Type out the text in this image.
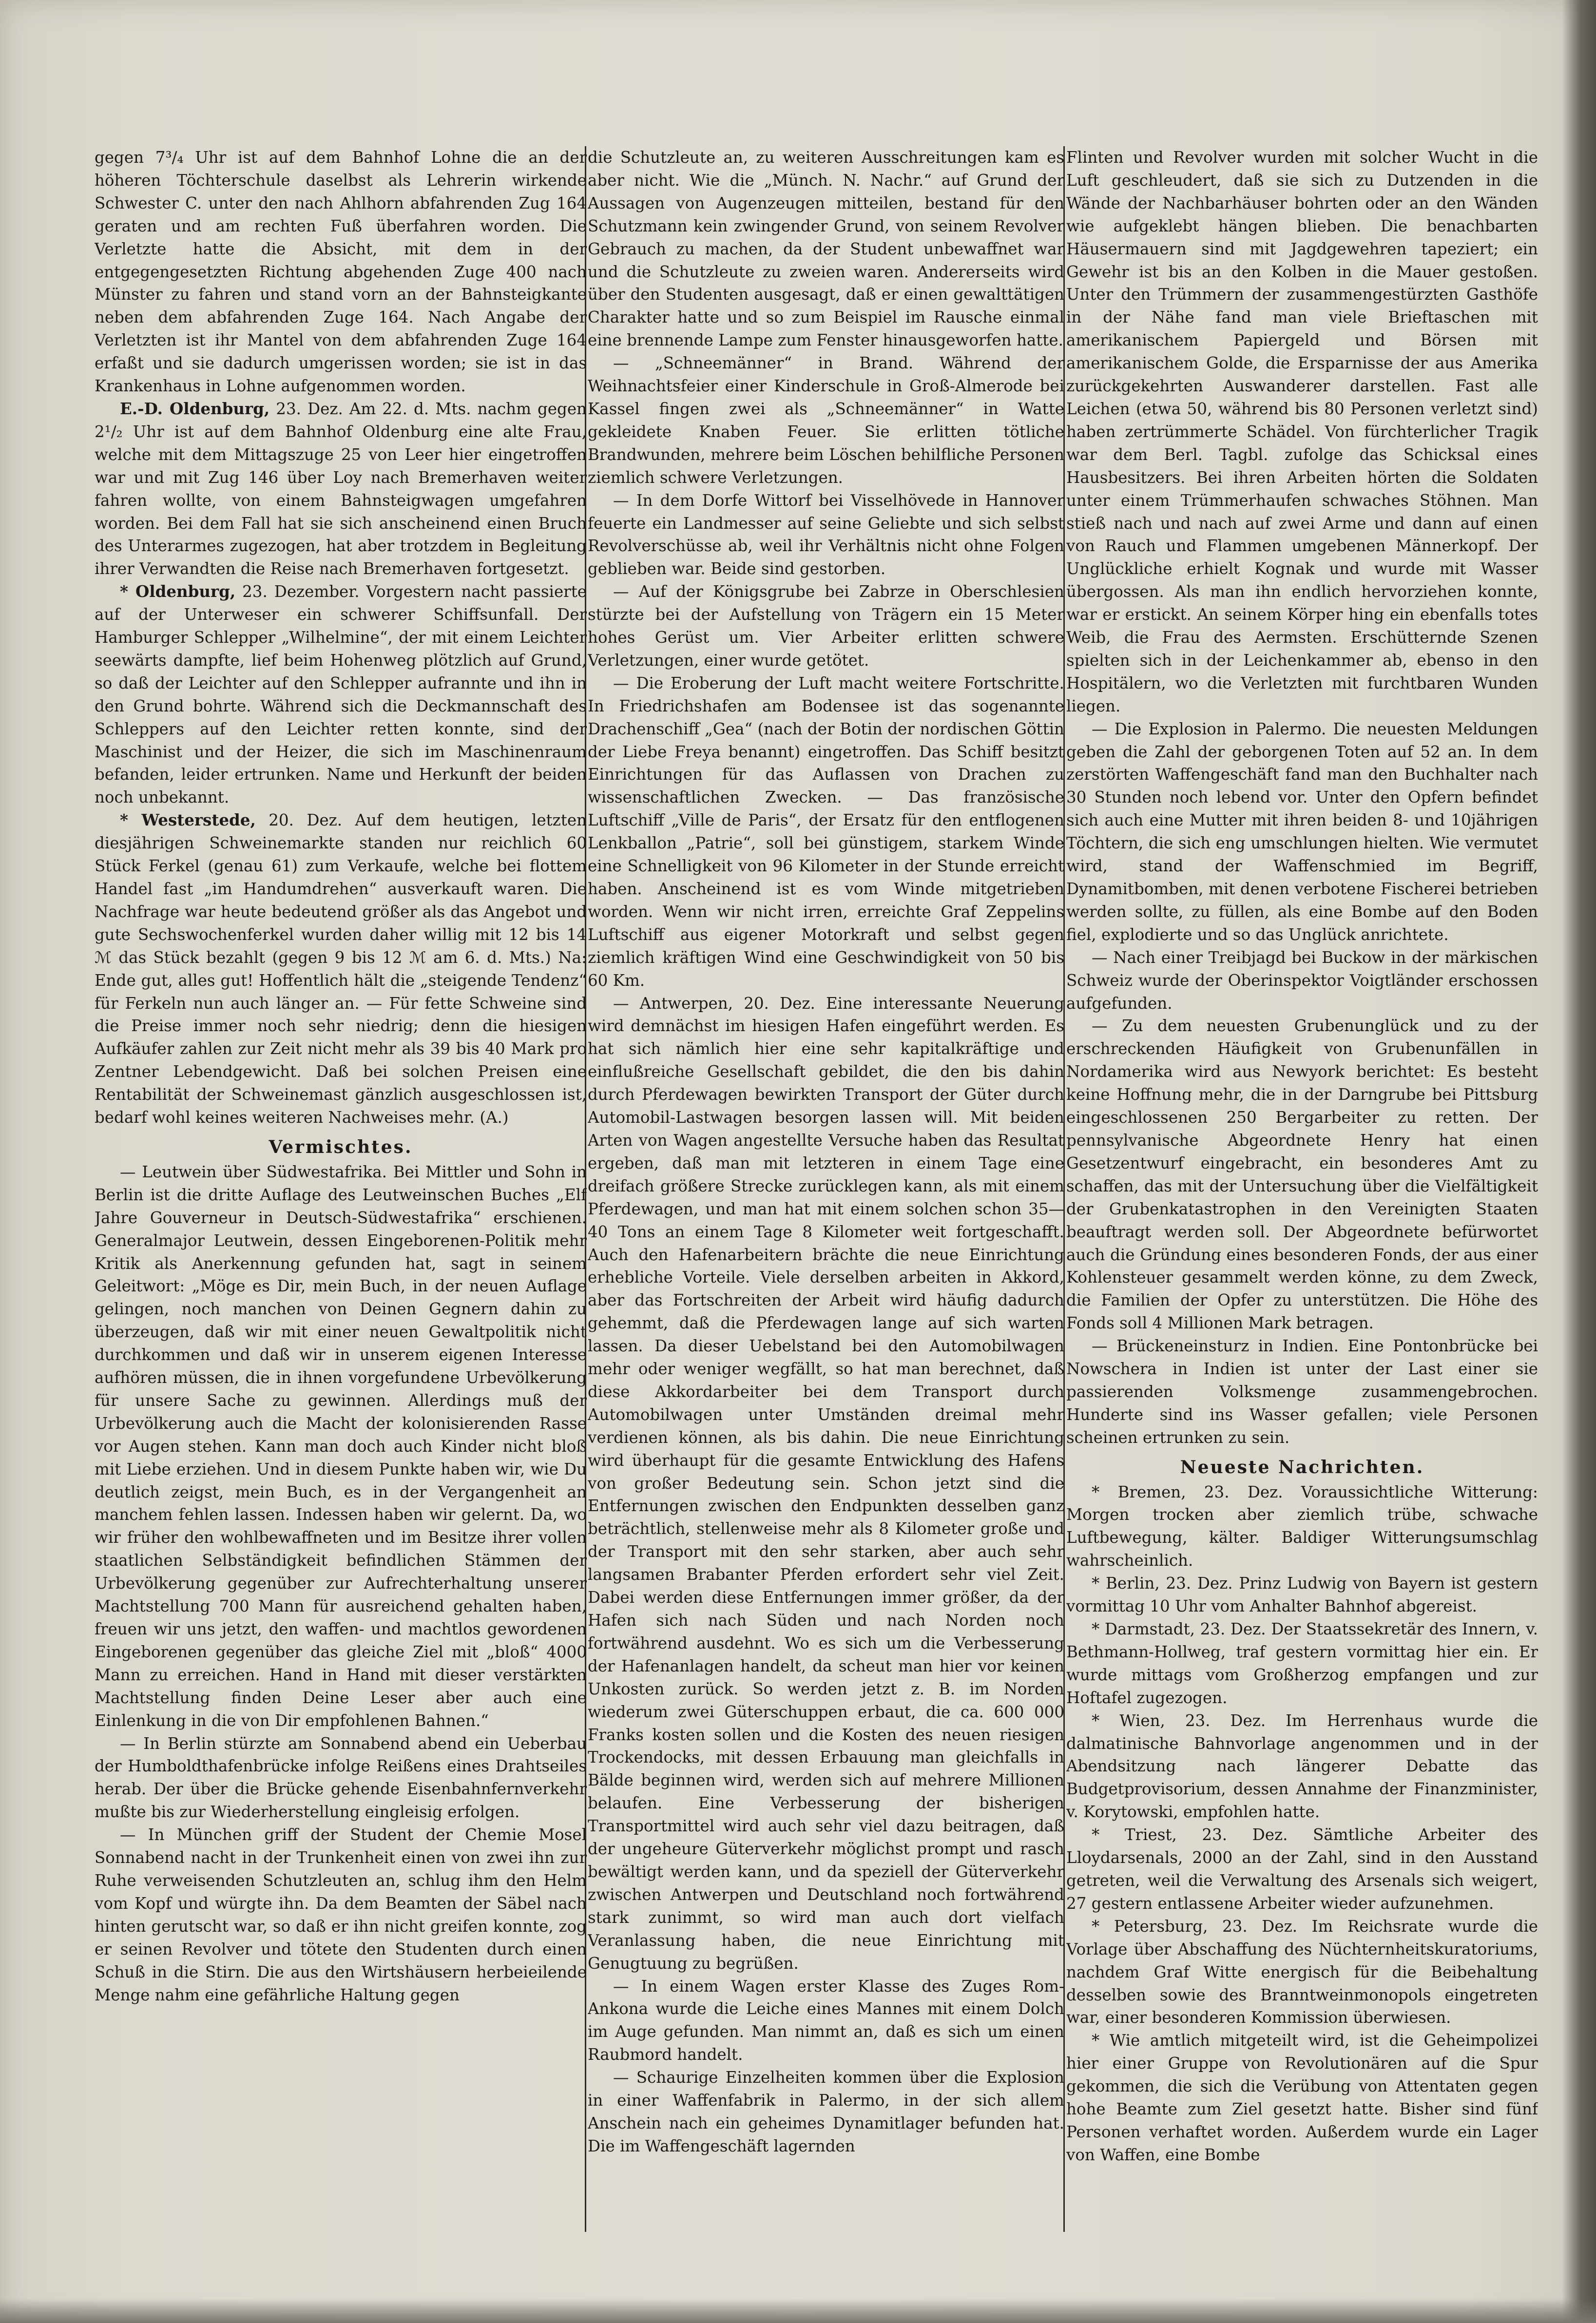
gegen 7³/₄ Uhr ist auf dem Bahnhof Lohne die an der höheren Töchterschule daselbst als Lehrerin wirkende Schwester C. unter den nach Ahlhorn abfahrenden Zug 164 geraten und am rechten Fuß überfahren worden. Die Verletzte hatte die Absicht, mit dem in der entgegengesetzten Richtung abgehenden Zuge 400 nach Münster zu fahren und stand vorn an der Bahnsteigkante neben dem abfahrenden Zuge 164. Nach Angabe der Verletzten ist ihr Mantel von dem abfahrenden Zuge 164 erfaßt und sie dadurch umgerissen worden; sie ist in das Krankenhaus in Lohne aufgenommen worden.

E.-D. Oldenburg, 23. Dez. Am 22. d. Mts. nachm gegen 2¹/₂ Uhr ist auf dem Bahnhof Oldenburg eine alte Frau, welche mit dem Mittagszuge 25 von Leer hier eingetroffen war und mit Zug 146 über Loy nach Bremerhaven weiter fahren wollte, von einem Bahnsteigwagen umgefahren worden. Bei dem Fall hat sie sich anscheinend einen Bruch des Unterarmes zugezogen, hat aber trotzdem in Begleitung ihrer Verwandten die Reise nach Bremerhaven fortgesetzt.

* Oldenburg, 23. Dezember. Vorgestern nacht passierte auf der Unterweser ein schwerer Schiffsunfall. Der Hamburger Schlepper „Wilhelmine“, der mit einem Leichter seewärts dampfte, lief beim Hohenweg plötzlich auf Grund, so daß der Leichter auf den Schlepper aufrannte und ihn in den Grund bohrte. Während sich die Deckmannschaft des Schleppers auf den Leichter retten konnte, sind der Maschinist und der Heizer, die sich im Maschinenraum befanden, leider ertrunken. Name und Herkunft der beiden noch unbekannt.

* Westerstede, 20. Dez. Auf dem heutigen, letzten diesjährigen Schweinemarkte standen nur reichlich 60 Stück Ferkel (genau 61) zum Verkaufe, welche bei flottem Handel fast „im Handumdrehen“ ausverkauft waren. Die Nachfrage war heute bedeutend größer als das Angebot und gute Sechswochenferkel wurden daher willig mit 12 bis 14 ℳ das Stück bezahlt (gegen 9 bis 12 ℳ am 6. d. Mts.) Na: Ende gut, alles gut! Hoffentlich hält die „steigende Tendenz“ für Ferkeln nun auch länger an. — Für fette Schweine sind die Preise immer noch sehr niedrig; denn die hiesigen Aufkäufer zahlen zur Zeit nicht mehr als 39 bis 40 Mark pro Zentner Lebendgewicht. Daß bei solchen Preisen eine Rentabilität der Schweinemast gänzlich ausgeschlossen ist, bedarf wohl keines weiteren Nachweises mehr. (A.)

Vermischtes.

— Leutwein über Südwestafrika. Bei Mittler und Sohn in Berlin ist die dritte Auflage des Leutweinschen Buches „Elf Jahre Gouverneur in Deutsch-Südwestafrika“ erschienen. Generalmajor Leutwein, dessen Eingeborenen-Politik mehr Kritik als Anerkennung gefunden hat, sagt in seinem Geleitwort: „Möge es Dir, mein Buch, in der neuen Auflage gelingen, noch manchen von Deinen Gegnern dahin zu überzeugen, daß wir mit einer neuen Gewaltpolitik nicht durchkommen und daß wir in unserem eigenen Interesse aufhören müssen, die in ihnen vorgefundene Urbevölkerung für unsere Sache zu gewinnen. Allerdings muß der Urbevölkerung auch die Macht der kolonisierenden Rasse vor Augen stehen. Kann man doch auch Kinder nicht bloß mit Liebe erziehen. Und in diesem Punkte haben wir, wie Du deutlich zeigst, mein Buch, es in der Vergangenheit an manchem fehlen lassen. Indessen haben wir gelernt. Da, wo wir früher den wohlbewaffneten und im Besitze ihrer vollen staatlichen Selbständigkeit befindlichen Stämmen der Urbevölkerung gegenüber zur Aufrechterhaltung unserer Machtstellung 700 Mann für ausreichend gehalten haben, freuen wir uns jetzt, den waffen- und machtlos gewordenen Eingeborenen gegenüber das gleiche Ziel mit „bloß“ 4000 Mann zu erreichen. Hand in Hand mit dieser verstärkten Machtstellung finden Deine Leser aber auch eine Einlenkung in die von Dir empfohlenen Bahnen.“

— In Berlin stürzte am Sonnabend abend ein Ueberbau der Humboldthafenbrücke infolge Reißens eines Drahtseiles herab. Der über die Brücke gehende Eisenbahnfernverkehr mußte bis zur Wiederherstellung eingleisig erfolgen.

— In München griff der Student der Chemie Mosel Sonnabend nacht in der Trunkenheit einen von zwei ihn zur Ruhe verweisenden Schutzleuten an, schlug ihm den Helm vom Kopf und würgte ihn. Da dem Beamten der Säbel nach hinten gerutscht war, so daß er ihn nicht greifen konnte, zog er seinen Revolver und tötete den Studenten durch einen Schuß in die Stirn. Die aus den Wirtshäusern herbeieilende Menge nahm eine gefährliche Haltung gegen

die Schutzleute an, zu weiteren Ausschreitungen kam es aber nicht. Wie die „Münch. N. Nachr.“ auf Grund der Aussagen von Augenzeugen mitteilen, bestand für den Schutzmann kein zwingender Grund, von seinem Revolver Gebrauch zu machen, da der Student unbewaffnet war und die Schutzleute zu zweien waren. Andererseits wird über den Studenten ausgesagt, daß er einen gewalttätigen Charakter hatte und so zum Beispiel im Rausche einmal eine brennende Lampe zum Fenster hinausgeworfen hatte.

— „Schneemänner“ in Brand. Während der Weihnachtsfeier einer Kinderschule in Groß-Almerode bei Kassel fingen zwei als „Schneemänner“ in Watte gekleidete Knaben Feuer. Sie erlitten tötliche Brandwunden, mehrere beim Löschen behilfliche Personen ziemlich schwere Verletzungen.

— In dem Dorfe Wittorf bei Visselhövede in Hannover feuerte ein Landmesser auf seine Geliebte und sich selbst Revolverschüsse ab, weil ihr Verhältnis nicht ohne Folgen geblieben war. Beide sind gestorben.

— Auf der Königsgrube bei Zabrze in Oberschlesien stürzte bei der Aufstellung von Trägern ein 15 Meter hohes Gerüst um. Vier Arbeiter erlitten schwere Verletzungen, einer wurde getötet.

— Die Eroberung der Luft macht weitere Fortschritte. In Friedrichshafen am Bodensee ist das sogenannte Drachenschiff „Gea“ (nach der Botin der nordischen Göttin der Liebe Freya benannt) eingetroffen. Das Schiff besitzt Einrichtungen für das Auflassen von Drachen zu wissenschaftlichen Zwecken. — Das französische Luftschiff „Ville de Paris“, der Ersatz für den entflogenen Lenkballon „Patrie“, soll bei günstigem, starkem Winde eine Schnelligkeit von 96 Kilometer in der Stunde erreicht haben. Anscheinend ist es vom Winde mitgetrieben worden. Wenn wir nicht irren, erreichte Graf Zeppelins Luftschiff aus eigener Motorkraft und selbst gegen ziemlich kräftigen Wind eine Geschwindigkeit von 50 bis 60 Km.

— Antwerpen, 20. Dez. Eine interessante Neuerung wird demnächst im hiesigen Hafen eingeführt werden. Es hat sich nämlich hier eine sehr kapitalkräftige und einflußreiche Gesellschaft gebildet, die den bis dahin durch Pferdewagen bewirkten Transport der Güter durch Automobil-Lastwagen besorgen lassen will. Mit beiden Arten von Wagen angestellte Versuche haben das Resultat ergeben, daß man mit letzteren in einem Tage eine dreifach größere Strecke zurücklegen kann, als mit einem Pferdewagen, und man hat mit einem solchen schon 35—40 Tons an einem Tage 8 Kilometer weit fortgeschafft. Auch den Hafenarbeitern brächte die neue Einrichtung erhebliche Vorteile. Viele derselben arbeiten in Akkord, aber das Fortschreiten der Arbeit wird häufig dadurch gehemmt, daß die Pferdewagen lange auf sich warten lassen. Da dieser Uebelstand bei den Automobilwagen mehr oder weniger wegfällt, so hat man berechnet, daß diese Akkordarbeiter bei dem Transport durch Automobilwagen unter Umständen dreimal mehr verdienen können, als bis dahin. Die neue Einrichtung wird überhaupt für die gesamte Entwicklung des Hafens von großer Bedeutung sein. Schon jetzt sind die Entfernungen zwischen den Endpunkten desselben ganz beträchtlich, stellenweise mehr als 8 Kilometer große und der Transport mit den sehr starken, aber auch sehr langsamen Brabanter Pferden erfordert sehr viel Zeit. Dabei werden diese Entfernungen immer größer, da der Hafen sich nach Süden und nach Norden noch fortwährend ausdehnt. Wo es sich um die Verbesserung der Hafenanlagen handelt, da scheut man hier vor keinen Unkosten zurück. So werden jetzt z. B. im Norden wiederum zwei Güterschuppen erbaut, die ca. 600 000 Franks kosten sollen und die Kosten des neuen riesigen Trockendocks, mit dessen Erbauung man gleichfalls in Bälde beginnen wird, werden sich auf mehrere Millionen belaufen. Eine Verbesserung der bisherigen Transportmittel wird auch sehr viel dazu beitragen, daß der ungeheure Güterverkehr möglichst prompt und rasch bewältigt werden kann, und da speziell der Güterverkehr zwischen Antwerpen und Deutschland noch fortwährend stark zunimmt, so wird man auch dort vielfach Veranlassung haben, die neue Einrichtung mit Genugtuung zu begrüßen.

— In einem Wagen erster Klasse des Zuges Rom-Ankona wurde die Leiche eines Mannes mit einem Dolch im Auge gefunden. Man nimmt an, daß es sich um einen Raubmord handelt.

— Schaurige Einzelheiten kommen über die Explosion in einer Waffenfabrik in Palermo, in der sich allem Anschein nach ein geheimes Dynamitlager befunden hat. Die im Waffengeschäft lagernden

Flinten und Revolver wurden mit solcher Wucht in die Luft geschleudert, daß sie sich zu Dutzenden in die Wände der Nachbarhäuser bohrten oder an den Wänden wie aufgeklebt hängen blieben. Die benachbarten Häusermauern sind mit Jagdgewehren tapeziert; ein Gewehr ist bis an den Kolben in die Mauer gestoßen. Unter den Trümmern der zusammengestürzten Gasthöfe in der Nähe fand man viele Brieftaschen mit amerikanischem Papiergeld und Börsen mit amerikanischem Golde, die Ersparnisse der aus Amerika zurückgekehrten Auswanderer darstellen. Fast alle Leichen (etwa 50, während bis 80 Personen verletzt sind) haben zertrümmerte Schädel. Von fürchterlicher Tragik war dem Berl. Tagbl. zufolge das Schicksal eines Hausbesitzers. Bei ihren Arbeiten hörten die Soldaten unter einem Trümmerhaufen schwaches Stöhnen. Man stieß nach und nach auf zwei Arme und dann auf einen von Rauch und Flammen umgebenen Männerkopf. Der Unglückliche erhielt Kognak und wurde mit Wasser übergossen. Als man ihn endlich hervorziehen konnte, war er erstickt. An seinem Körper hing ein ebenfalls totes Weib, die Frau des Aermsten. Erschütternde Szenen spielten sich in der Leichenkammer ab, ebenso in den Hospitälern, wo die Verletzten mit furchtbaren Wunden liegen.

— Die Explosion in Palermo. Die neuesten Meldungen geben die Zahl der geborgenen Toten auf 52 an. In dem zerstörten Waffengeschäft fand man den Buchhalter nach 30 Stunden noch lebend vor. Unter den Opfern befindet sich auch eine Mutter mit ihren beiden 8- und 10jährigen Töchtern, die sich eng umschlungen hielten. Wie vermutet wird, stand der Waffenschmied im Begriff, Dynamitbomben, mit denen verbotene Fischerei betrieben werden sollte, zu füllen, als eine Bombe auf den Boden fiel, explodierte und so das Unglück anrichtete.

— Nach einer Treibjagd bei Buckow in der märkischen Schweiz wurde der Oberinspektor Voigtländer erschossen aufgefunden.

— Zu dem neuesten Grubenunglück und zu der erschreckenden Häufigkeit von Grubenunfällen in Nordamerika wird aus Newyork berichtet: Es besteht keine Hoffnung mehr, die in der Darngrube bei Pittsburg eingeschlossenen 250 Bergarbeiter zu retten. Der pennsylvanische Abgeordnete Henry hat einen Gesetzentwurf eingebracht, ein besonderes Amt zu schaffen, das mit der Untersuchung über die Vielfältigkeit der Grubenkatastrophen in den Vereinigten Staaten beauftragt werden soll. Der Abgeordnete befürwortet auch die Gründung eines besonderen Fonds, der aus einer Kohlensteuer gesammelt werden könne, zu dem Zweck, die Familien der Opfer zu unterstützen. Die Höhe des Fonds soll 4 Millionen Mark betragen.

— Brückeneinsturz in Indien. Eine Pontonbrücke bei Nowschera in Indien ist unter der Last einer sie passierenden Volksmenge zusammengebrochen. Hunderte sind ins Wasser gefallen; viele Personen scheinen ertrunken zu sein.

Neueste Nachrichten.

* Bremen, 23. Dez. Voraussichtliche Witterung: Morgen trocken aber ziemlich trübe, schwache Luftbewegung, kälter. Baldiger Witterungsumschlag wahrscheinlich.

* Berlin, 23. Dez. Prinz Ludwig von Bayern ist gestern vormittag 10 Uhr vom Anhalter Bahnhof abgereist.

* Darmstadt, 23. Dez. Der Staatssekretär des Innern, v. Bethmann-Hollweg, traf gestern vormittag hier ein. Er wurde mittags vom Großherzog empfangen und zur Hoftafel zugezogen.

* Wien, 23. Dez. Im Herrenhaus wurde die dalmatinische Bahnvorlage angenommen und in der Abendsitzung nach längerer Debatte das Budgetprovisorium, dessen Annahme der Finanzminister, v. Korytowski, empfohlen hatte.

* Triest, 23. Dez. Sämtliche Arbeiter des Lloydarsenals, 2000 an der Zahl, sind in den Ausstand getreten, weil die Verwaltung des Arsenals sich weigert, 27 gestern entlassene Arbeiter wieder aufzunehmen.

* Petersburg, 23. Dez. Im Reichsrate wurde die Vorlage über Abschaffung des Nüchternheitskuratoriums, nachdem Graf Witte energisch für die Beibehaltung desselben sowie des Branntweinmonopols eingetreten war, einer besonderen Kommission überwiesen.

* Wie amtlich mitgeteilt wird, ist die Geheimpolizei hier einer Gruppe von Revolutionären auf die Spur gekommen, die sich die Verübung von Attentaten gegen hohe Beamte zum Ziel gesetzt hatte. Bisher sind fünf Personen verhaftet worden. Außerdem wurde ein Lager von Waffen, eine Bombe
